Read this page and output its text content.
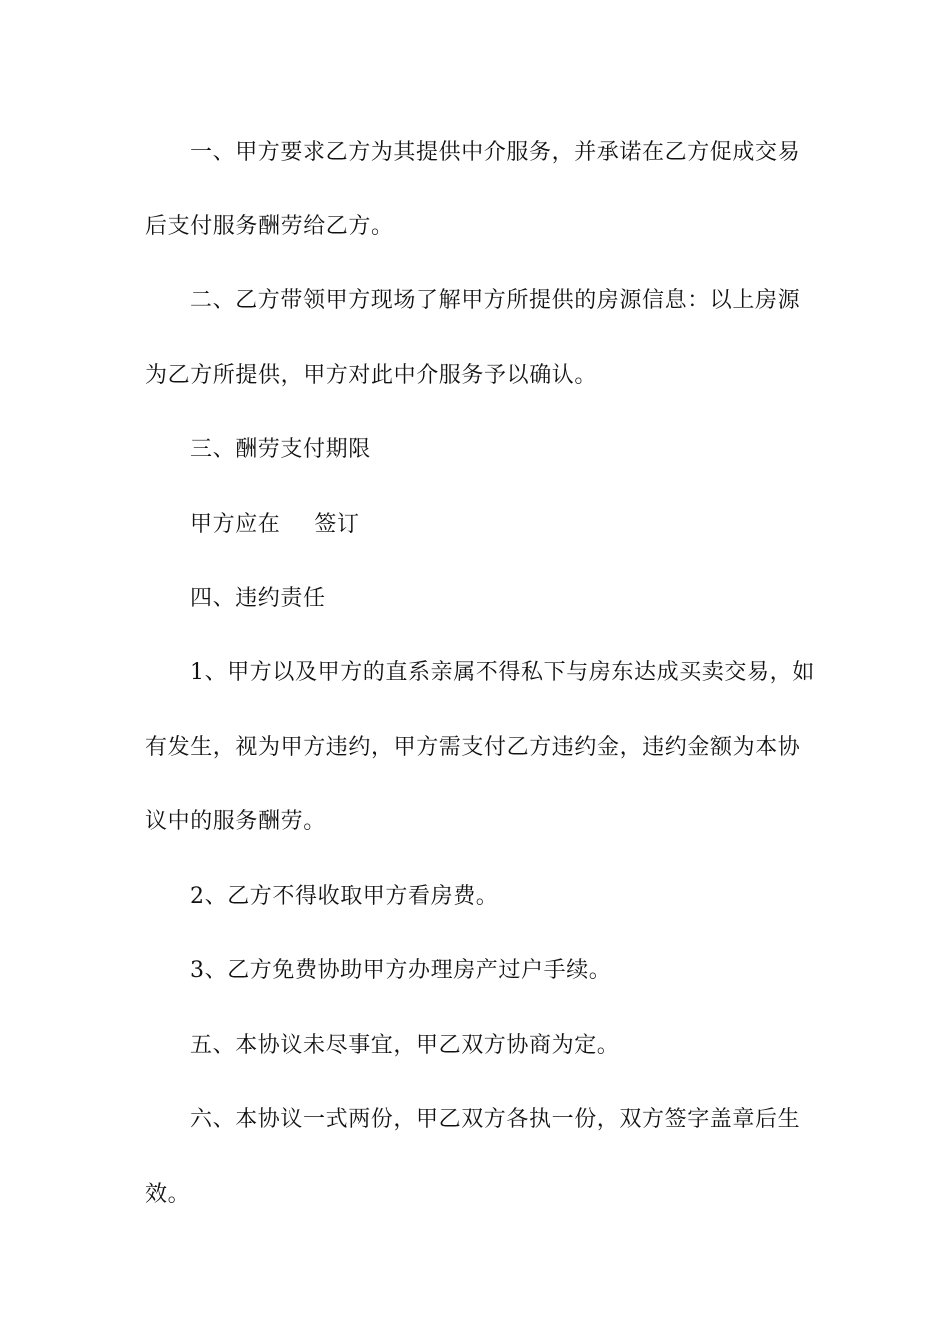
一、甲方要求乙方为其提供中介服务，并承诺在乙方促成交易
后支付服务酬劳给乙方。
二、乙方带领甲方现场了解甲方所提供的房源信息：以上房源
为乙方所提供，甲方对此中介服务予以确认。
三、酬劳支付期限
甲方应在 签订
四、违约责任
1、甲方以及甲方的直系亲属不得私下与房东达成买卖交易，如
有发生，视为甲方违约，甲方需支付乙方违约金，违约金额为本协
议中的服务酬劳。
2、乙方不得收取甲方看房费。
3、乙方免费协助甲方办理房产过户手续。
五、本协议未尽事宜，甲乙双方协商为定。
六、本协议一式两份，甲乙双方各执一份，双方签字盖章后生
效。
